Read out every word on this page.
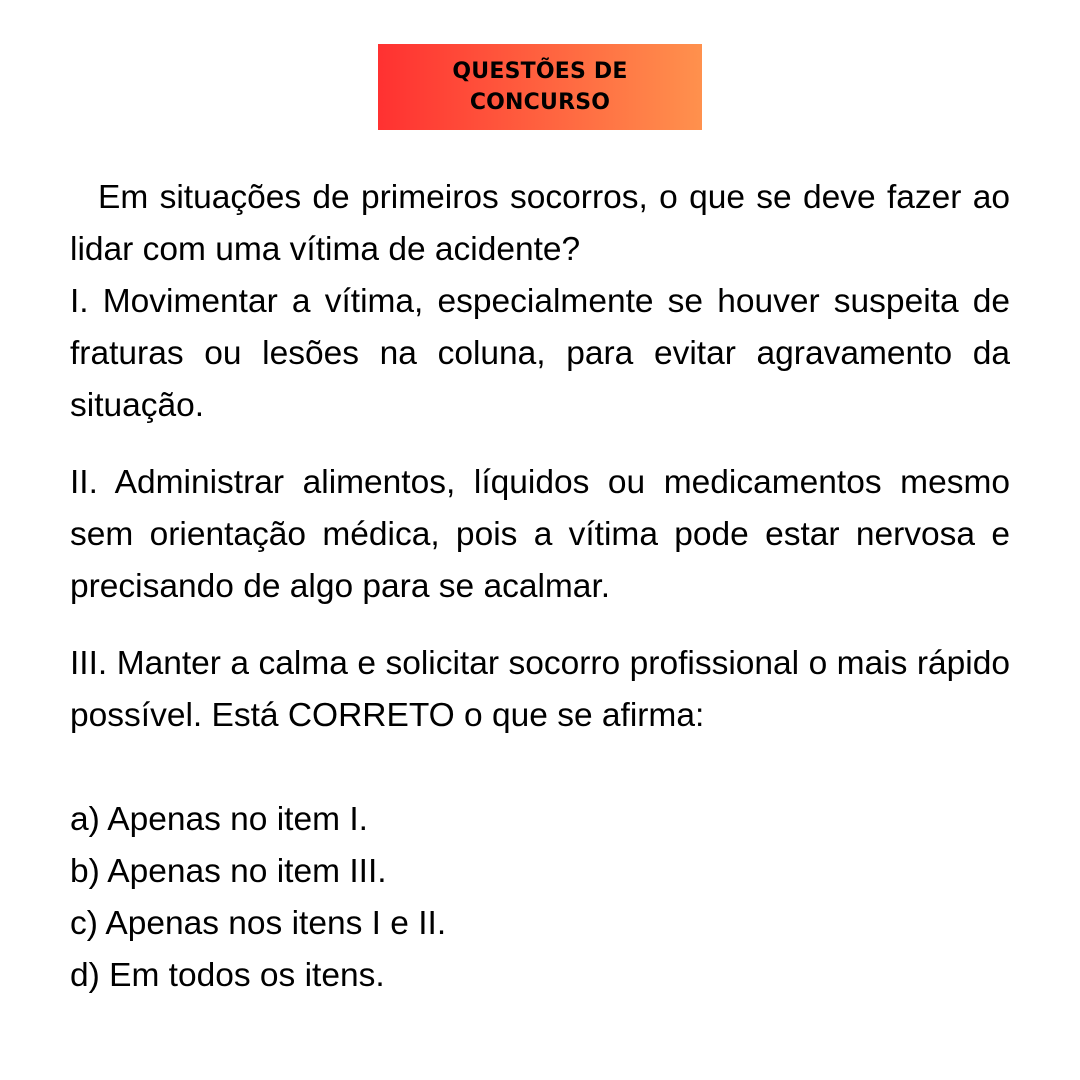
QUESTÕES DE CONCURSO

Em situações de primeiros socorros, o que se deve fazer ao lidar com uma vítima de acidente?

I. Movimentar a vítima, especialmente se houver suspeita de fraturas ou lesões na coluna, para evitar agravamento da situação.

II. Administrar alimentos, líquidos ou medicamentos mesmo sem orientação médica, pois a vítima pode estar nervosa e precisando de algo para se acalmar.

III. Manter a calma e solicitar socorro profissional o mais rápido possível. Está CORRETO o que se afirma:

a) Apenas no item I.
b) Apenas no item III.
c) Apenas nos itens I e II.
d) Em todos os itens.
